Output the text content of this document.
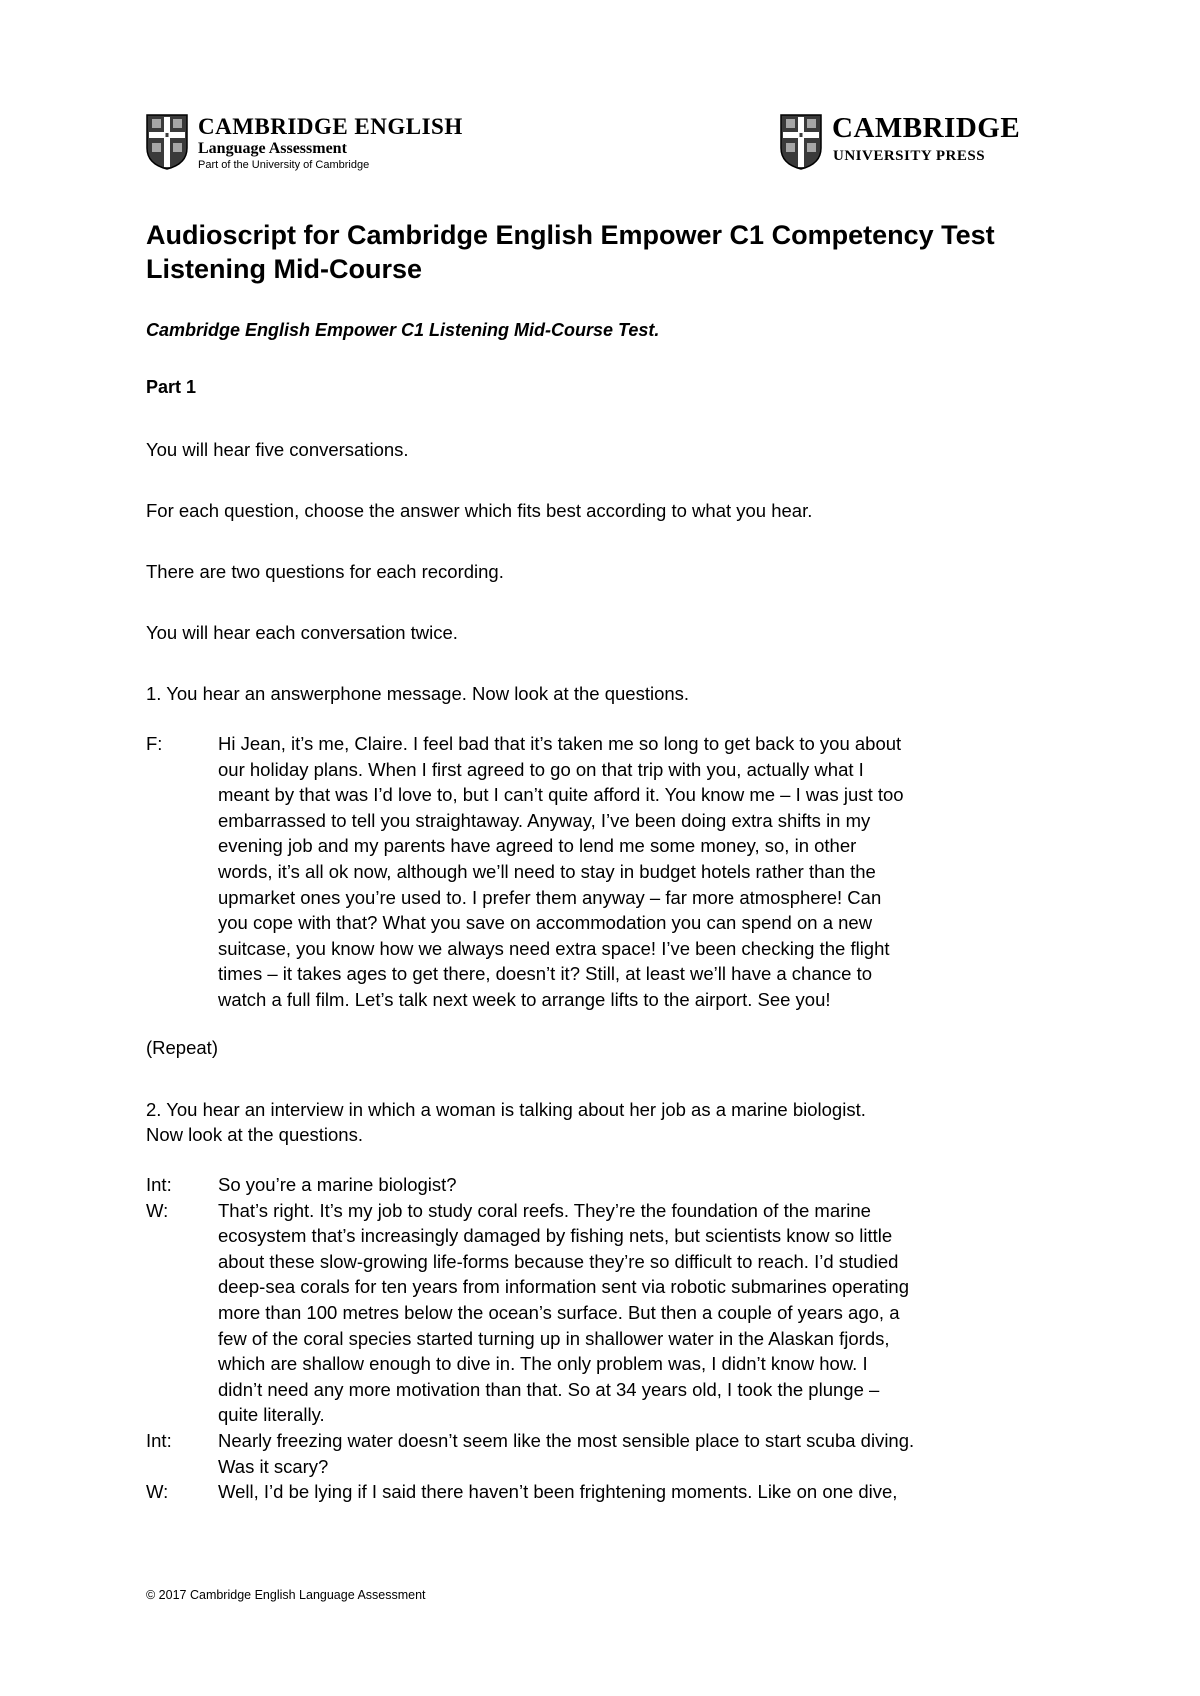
CAMBRIDGE ENGLISH
Language Assessment
Part of the University of Cambridge
CAMBRIDGE
UNIVERSITY PRESS
Audioscript for Cambridge English Empower C1 Competency Test
Listening Mid-Course
Cambridge English Empower C1 Listening Mid-Course Test.
Part 1
You will hear five conversations.
For each question, choose the answer which fits best according to what you hear.
There are two questions for each recording.
You will hear each conversation twice.
1. You hear an answerphone message. Now look at the questions.
F:	Hi Jean, it’s me, Claire. I feel bad that it’s taken me so long to get back to you about
our holiday plans. When I first agreed to go on that trip with you, actually what I
meant by that was I’d love to, but I can’t quite afford it. You know me – I was just too
embarrassed to tell you straightaway. Anyway, I’ve been doing extra shifts in my
evening job and my parents have agreed to lend me some money, so, in other
words, it’s all ok now, although we’ll need to stay in budget hotels rather than the
upmarket ones you’re used to. I prefer them anyway – far more atmosphere! Can
you cope with that? What you save on accommodation you can spend on a new
suitcase, you know how we always need extra space! I’ve been checking the flight
times – it takes ages to get there, doesn’t it? Still, at least we’ll have a chance to
watch a full film. Let’s talk next week to arrange lifts to the airport. See you!
(Repeat)
2. You hear an interview in which a woman is talking about her job as a marine biologist.
Now look at the questions.
Int:	So you’re a marine biologist?
W:	That’s right. It’s my job to study coral reefs. They’re the foundation of the marine
ecosystem that’s increasingly damaged by fishing nets, but scientists know so little
about these slow-growing life-forms because they’re so difficult to reach. I’d studied
deep-sea corals for ten years from information sent via robotic submarines operating
more than 100 metres below the ocean’s surface. But then a couple of years ago, a
few of the coral species started turning up in shallower water in the Alaskan fjords,
which are shallow enough to dive in. The only problem was, I didn’t know how. I
didn’t need any more motivation than that. So at 34 years old, I took the plunge –
quite literally.
Int:	Nearly freezing water doesn’t seem like the most sensible place to start scuba diving.
Was it scary?
W:	Well, I’d be lying if I said there haven’t been frightening moments. Like on one dive,
© 2017 Cambridge English Language Assessment
